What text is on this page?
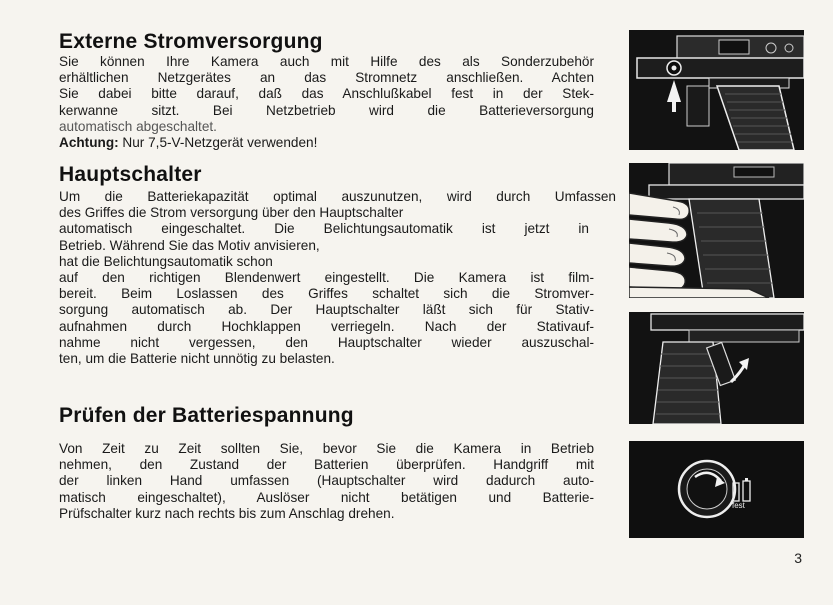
Externe Stromversorgung
Sie können Ihre Kamera auch mit Hilfe des als Sonderzubehör
erhältlichen Netzgerätes an das Stromnetz anschließen. Achten
Sie dabei bitte darauf, daß das Anschlußkabel fest in der Stek-
kerwanne sitzt. Bei Netzbetrieb wird die Batterieversorgung
automatisch abgeschaltet.
Achtung: Nur 7,5-V-Netzgerät verwenden!
Hauptschalter
Um die Batteriekapazität optimal auszunutzen, wird durch Umfassen
des Griffes die Strom versorgung über den Hauptschalter
automatisch eingeschaltet. Die Belichtungsautomatik ist jetzt in
Betrieb. Während Sie das Motiv anvisieren,
hat die Belichtungsautomatik schon
auf den richtigen Blendenwert eingestellt. Die Kamera ist film-
bereit. Beim Loslassen des Griffes schaltet sich die Stromver-
sorgung automatisch ab. Der Hauptschalter läßt sich für Stativ-
aufnahmen durch Hochklappen verriegeln. Nach der Stativauf-
nahme nicht vergessen, den Hauptschalter wieder auszuschal-
ten, um die Batterie nicht unnötig zu belasten.
Prüfen der Batteriespannung
Von Zeit zu Zeit sollten Sie, bevor Sie die Kamera in Betrieb
nehmen, den Zustand der Batterien überprüfen. Handgriff mit
der linken Hand umfassen (Hauptschalter wird dadurch auto-
matisch eingeschaltet), Auslöser nicht betätigen und Batterie-
Prüfschalter kurz nach rechts bis zum Anschlag drehen.
fest
3
